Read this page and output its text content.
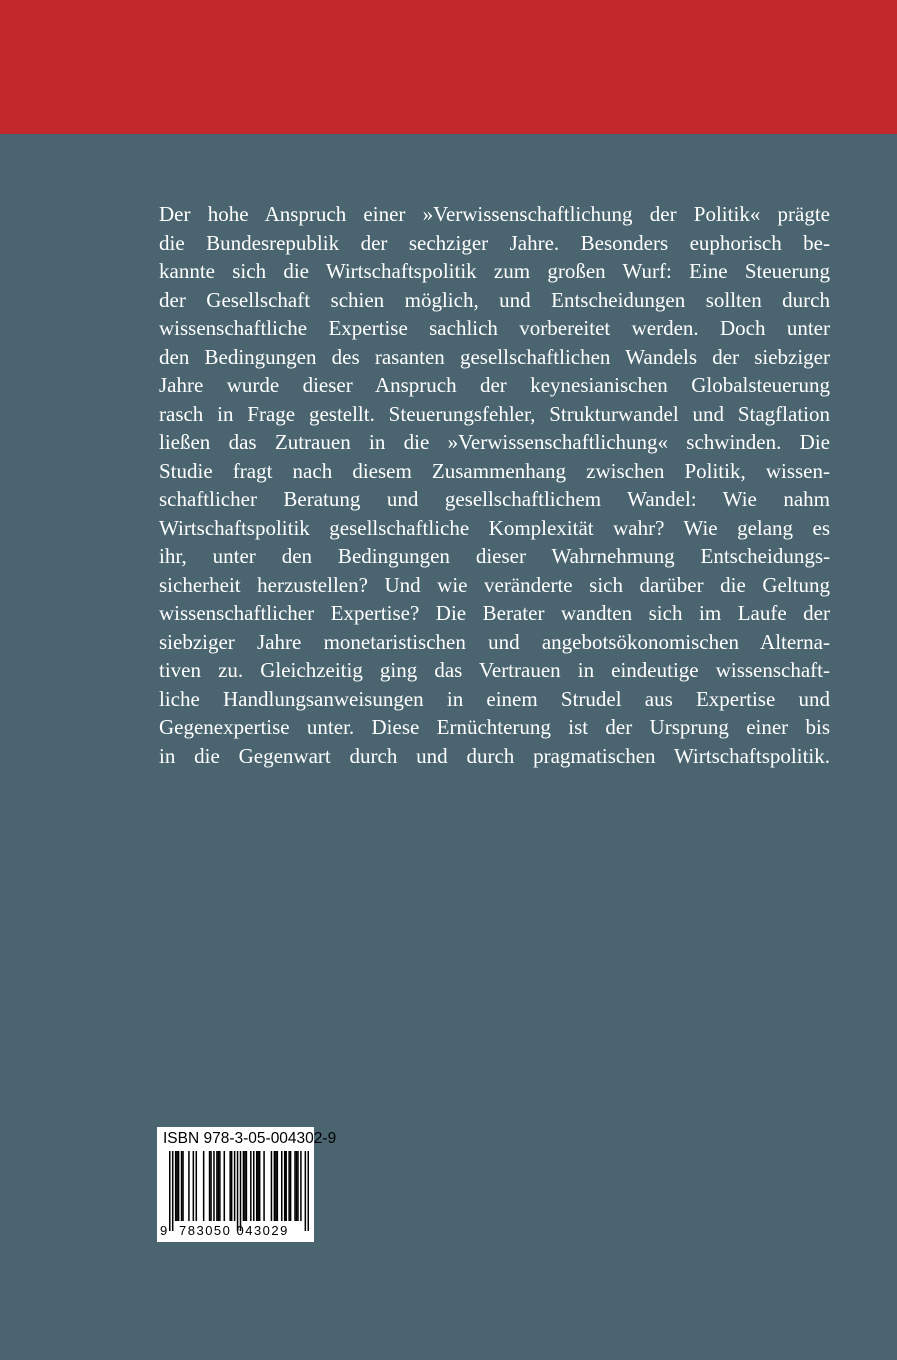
Der hohe Anspruch einer »Verwissenschaftlichung der Politik« prägte
die Bundesrepublik der sechziger Jahre. Besonders euphorisch be-
kannte sich die Wirtschaftspolitik zum großen Wurf: Eine Steuerung
der Gesellschaft schien möglich, und Entscheidungen sollten durch
wissenschaftliche Expertise sachlich vorbereitet werden. Doch unter
den Bedingungen des rasanten gesellschaftlichen Wandels der siebziger
Jahre wurde dieser Anspruch der keynesianischen Globalsteuerung
rasch in Frage gestellt. Steuerungsfehler, Strukturwandel und Stagflation
ließen das Zutrauen in die »Verwissenschaftlichung« schwinden. Die
Studie fragt nach diesem Zusammenhang zwischen Politik, wissen-
schaftlicher Beratung und gesellschaftlichem Wandel: Wie nahm
Wirtschaftspolitik gesellschaftliche Komplexität wahr? Wie gelang es
ihr, unter den Bedingungen dieser Wahrnehmung Entscheidungs-
sicherheit herzustellen? Und wie veränderte sich darüber die Geltung
wissenschaftlicher Expertise? Die Berater wandten sich im Laufe der
siebziger Jahre monetaristischen und angebotsökonomischen Alterna-
tiven zu. Gleichzeitig ging das Vertrauen in eindeutige wissenschaft-
liche Handlungsanweisungen in einem Strudel aus Expertise und
Gegenexpertise unter. Diese Ernüchterung ist der Ursprung einer bis
in die Gegenwart durch und durch pragmatischen Wirtschaftspolitik.
ISBN 978-3-05-004302-9
9 783050 043029
